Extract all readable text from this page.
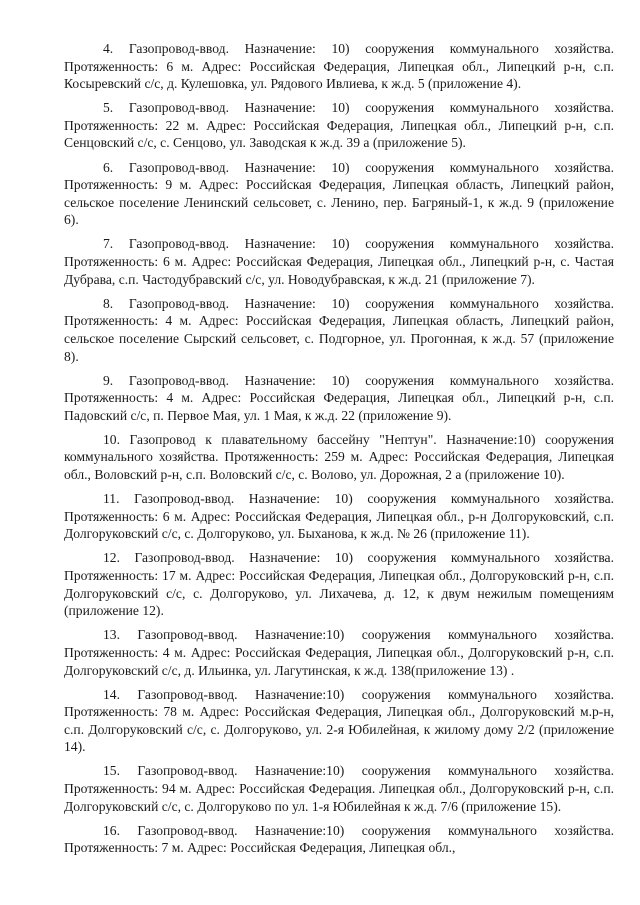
4. Газопровод-ввод. Назначение: 10) сооружения коммунального хозяйства. Протяженность: 6 м. Адрес: Российская Федерация, Липецкая обл., Липецкий р-н, с.п. Косыревский с/с, д. Кулешовка, ул. Рядового Ивлиева, к ж.д. 5 (приложение 4).

5. Газопровод-ввод. Назначение: 10) сооружения коммунального хозяйства. Протяженность: 22 м. Адрес: Российская Федерация, Липецкая обл., Липецкий р-н, с.п. Сенцовский с/с, с. Сенцово, ул. Заводская к ж.д. 39 а (приложение 5).

6. Газопровод-ввод. Назначение: 10) сооружения коммунального хозяйства. Протяженность: 9 м. Адрес: Российская Федерация, Липецкая область, Липецкий район, сельское поселение Ленинский сельсовет, с. Ленино, пер. Багряный-1, к ж.д. 9 (приложение 6).

7. Газопровод-ввод. Назначение: 10) сооружения коммунального хозяйства. Протяженность: 6 м. Адрес: Российская Федерация, Липецкая обл., Липецкий р-н, с. Частая Дубрава, с.п. Частодубравский с/с, ул. Новодубравская, к ж.д. 21 (приложение 7).

8. Газопровод-ввод. Назначение: 10) сооружения коммунального хозяйства. Протяженность: 4 м. Адрес: Российская Федерация, Липецкая область, Липецкий район, сельское поселение Сырский сельсовет, с. Подгорное, ул. Прогонная, к ж.д. 57 (приложение 8).

9. Газопровод-ввод. Назначение: 10) сооружения коммунального хозяйства. Протяженность: 4 м. Адрес: Российская Федерация, Липецкая обл., Липецкий р-н, с.п. Падовский с/с, п. Первое Мая, ул. 1 Мая, к ж.д. 22 (приложение 9).

10. Газопровод к плавательному бассейну "Нептун". Назначение:10) сооружения коммунального хозяйства. Протяженность: 259 м. Адрес: Российская Федерация, Липецкая обл., Воловский р-н, с.п. Воловский с/с, с. Волово, ул. Дорожная, 2 а (приложение 10).

11. Газопровод-ввод. Назначение: 10) сооружения коммунального хозяйства. Протяженность: 6 м. Адрес: Российская Федерация, Липецкая обл., р-н Долгоруковский, с.п. Долгоруковский с/с, с. Долгоруково, ул. Быханова, к ж.д. № 26 (приложение 11).

12. Газопровод-ввод. Назначение: 10) сооружения коммунального хозяйства. Протяженность: 17 м. Адрес: Российская Федерация, Липецкая обл., Долгоруковский р-н, с.п. Долгоруковский с/с, с. Долгоруково, ул. Лихачева, д. 12, к двум нежилым помещениям (приложение 12).

13. Газопровод-ввод. Назначение:10) сооружения коммунального хозяйства. Протяженность: 4 м. Адрес: Российская Федерация, Липецкая обл., Долгоруковский р-н, с.п. Долгоруковский с/с, д. Ильинка, ул. Лагутинская, к ж.д. 138(приложение 13) .

14. Газопровод-ввод. Назначение:10) сооружения коммунального хозяйства. Протяженность: 78 м. Адрес: Российская Федерация, Липецкая обл., Долгоруковский м.р-н, с.п. Долгоруковский с/с, с. Долгоруково, ул. 2-я Юбилейная, к жилому дому 2/2 (приложение 14).

15. Газопровод-ввод. Назначение:10) сооружения коммунального хозяйства. Протяженность: 94 м. Адрес: Российская Федерация. Липецкая обл., Долгоруковский р-н, с.п. Долгоруковский с/с, с. Долгоруково по ул. 1-я Юбилейная к ж.д. 7/6 (приложение 15).

16. Газопровод-ввод. Назначение:10) сооружения коммунального хозяйства. Протяженность: 7 м. Адрес: Российская Федерация, Липецкая обл.,
